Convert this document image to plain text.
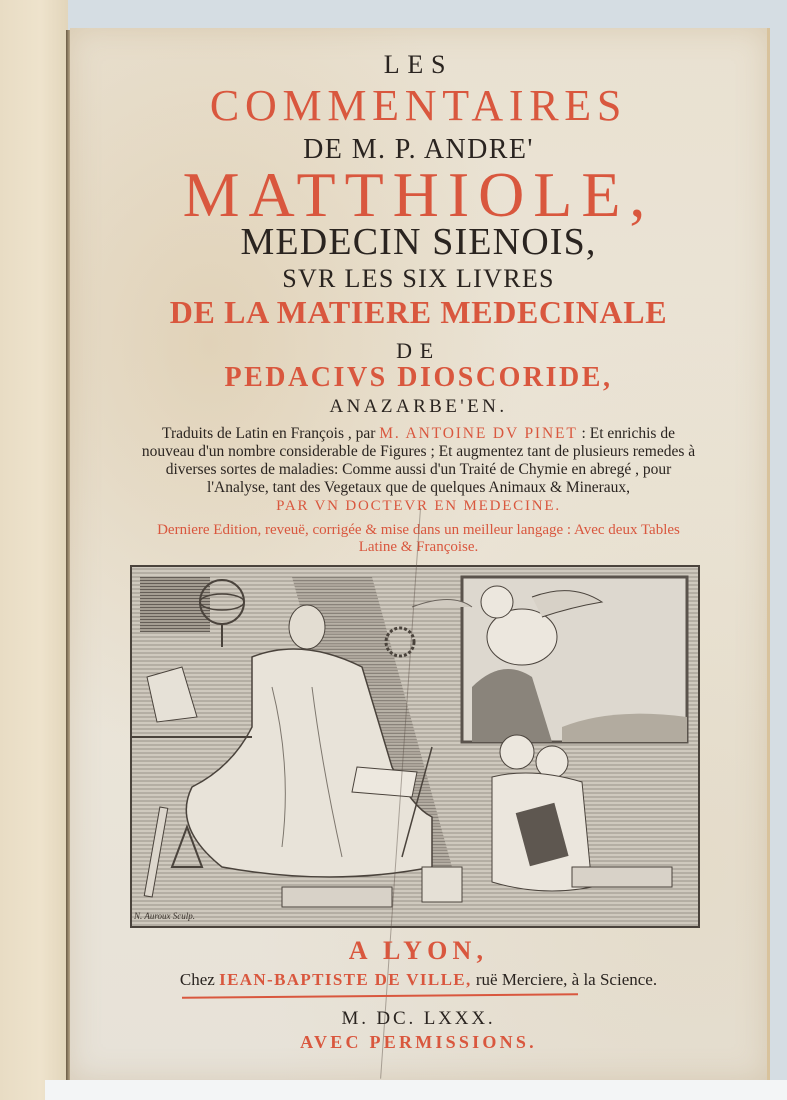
LES
COMMENTAIRES
DE M. P. ANDRE'
MATTHIOLE,
MEDECIN SIENOIS,
SVR LES SIX LIVRES
DE LA MATIERE MEDECINALE
DE
PEDACIVS DIOSCORIDE,
ANAZARBE'EN.
Traduits de Latin en François , par M. ANTOINE DV PINET : Et enrichis de
nouveau d'un nombre considerable de Figures ; Et augmentez tant de plusieurs remedes à
diverses sortes de maladies: Comme aussi d'un Traité de Chymie en abregé , pour
l'Analyse, tant des Vegetaux que de quelques Animaux & Mineraux,
PAR VN DOCTEVR EN MEDECINE.
Derniere Edition, reveuë, corrigée & mise dans un meilleur langage : Avec deux Tables
Latine & Françoise.
N. Auroux Sculp.
A LYON,
Chez IEAN-BAPTISTE DE VILLE, ruë Merciere, à la Science.
M. DC. LXXX.
AVEC PERMISSIONS.
